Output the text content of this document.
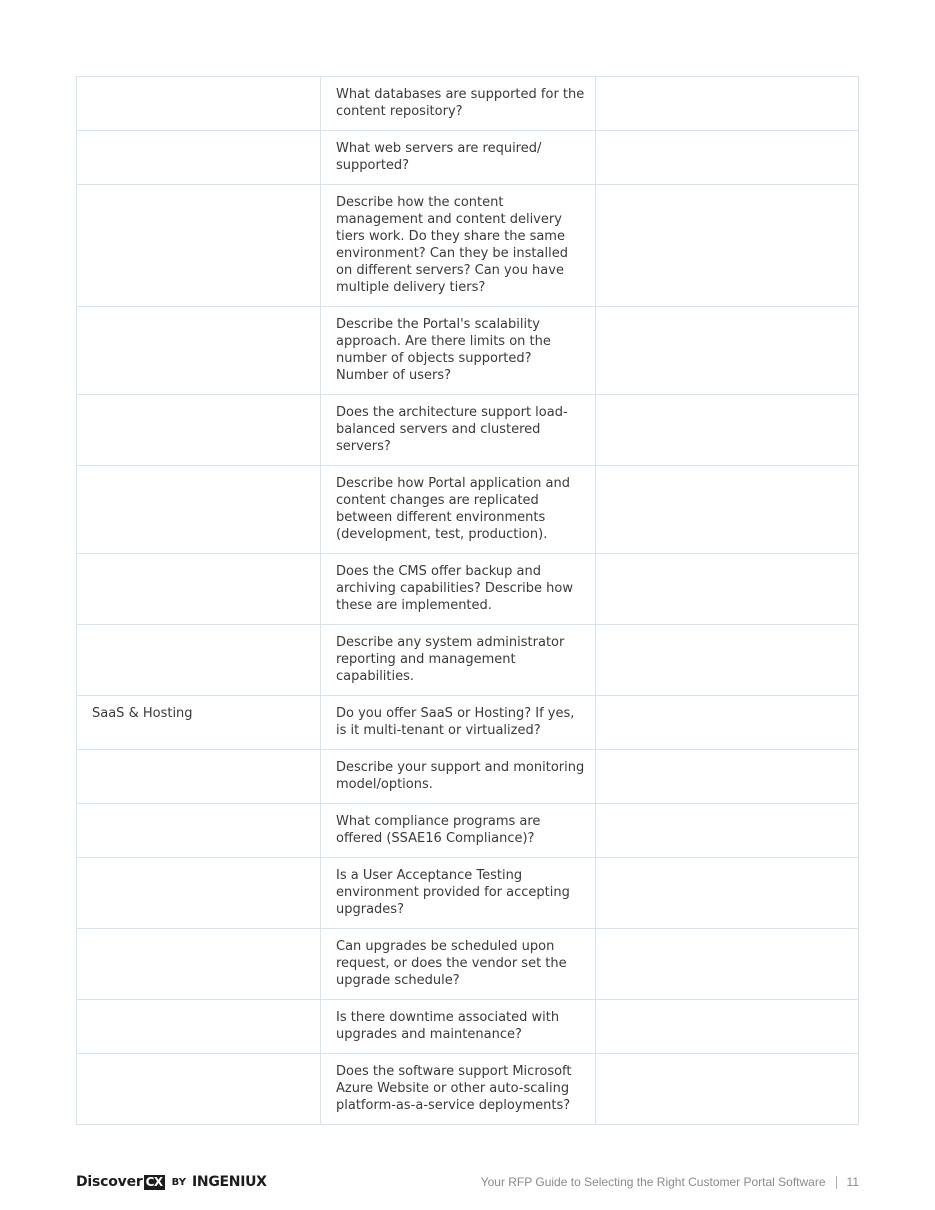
	What databases are supported for the content repository?	
	What web servers are required/ supported?	
	Describe how the content management and content delivery tiers work. Do they share the same environment? Can they be installed on different servers? Can you have multiple delivery tiers?	
	Describe the Portal's scalability approach. Are there limits on the number of objects supported? Number of users?	
	Does the architecture support load-balanced servers and clustered servers?	
	Describe how Portal application and content changes are replicated between different environments (development, test, production).	
	Does the CMS offer backup and archiving capabilities? Describe how these are implemented.	
	Describe any system administrator reporting and management capabilities.	
SaaS & Hosting	Do you offer SaaS or Hosting? If yes, is it multi-tenant or virtualized?	
	Describe your support and monitoring model/options.	
	What compliance programs are offered (SSAE16 Compliance)?	
	Is a User Acceptance Testing environment provided for accepting upgrades?	
	Can upgrades be scheduled upon request, or does the vendor set the upgrade schedule?	
	Is there downtime associated with upgrades and maintenance?	
	Does the software support Microsoft Azure Website or other auto-scaling platform-as-a-service deployments?	
Discover CX BY INGENIUX	Your RFP Guide to Selecting the Right Customer Portal Software 11
